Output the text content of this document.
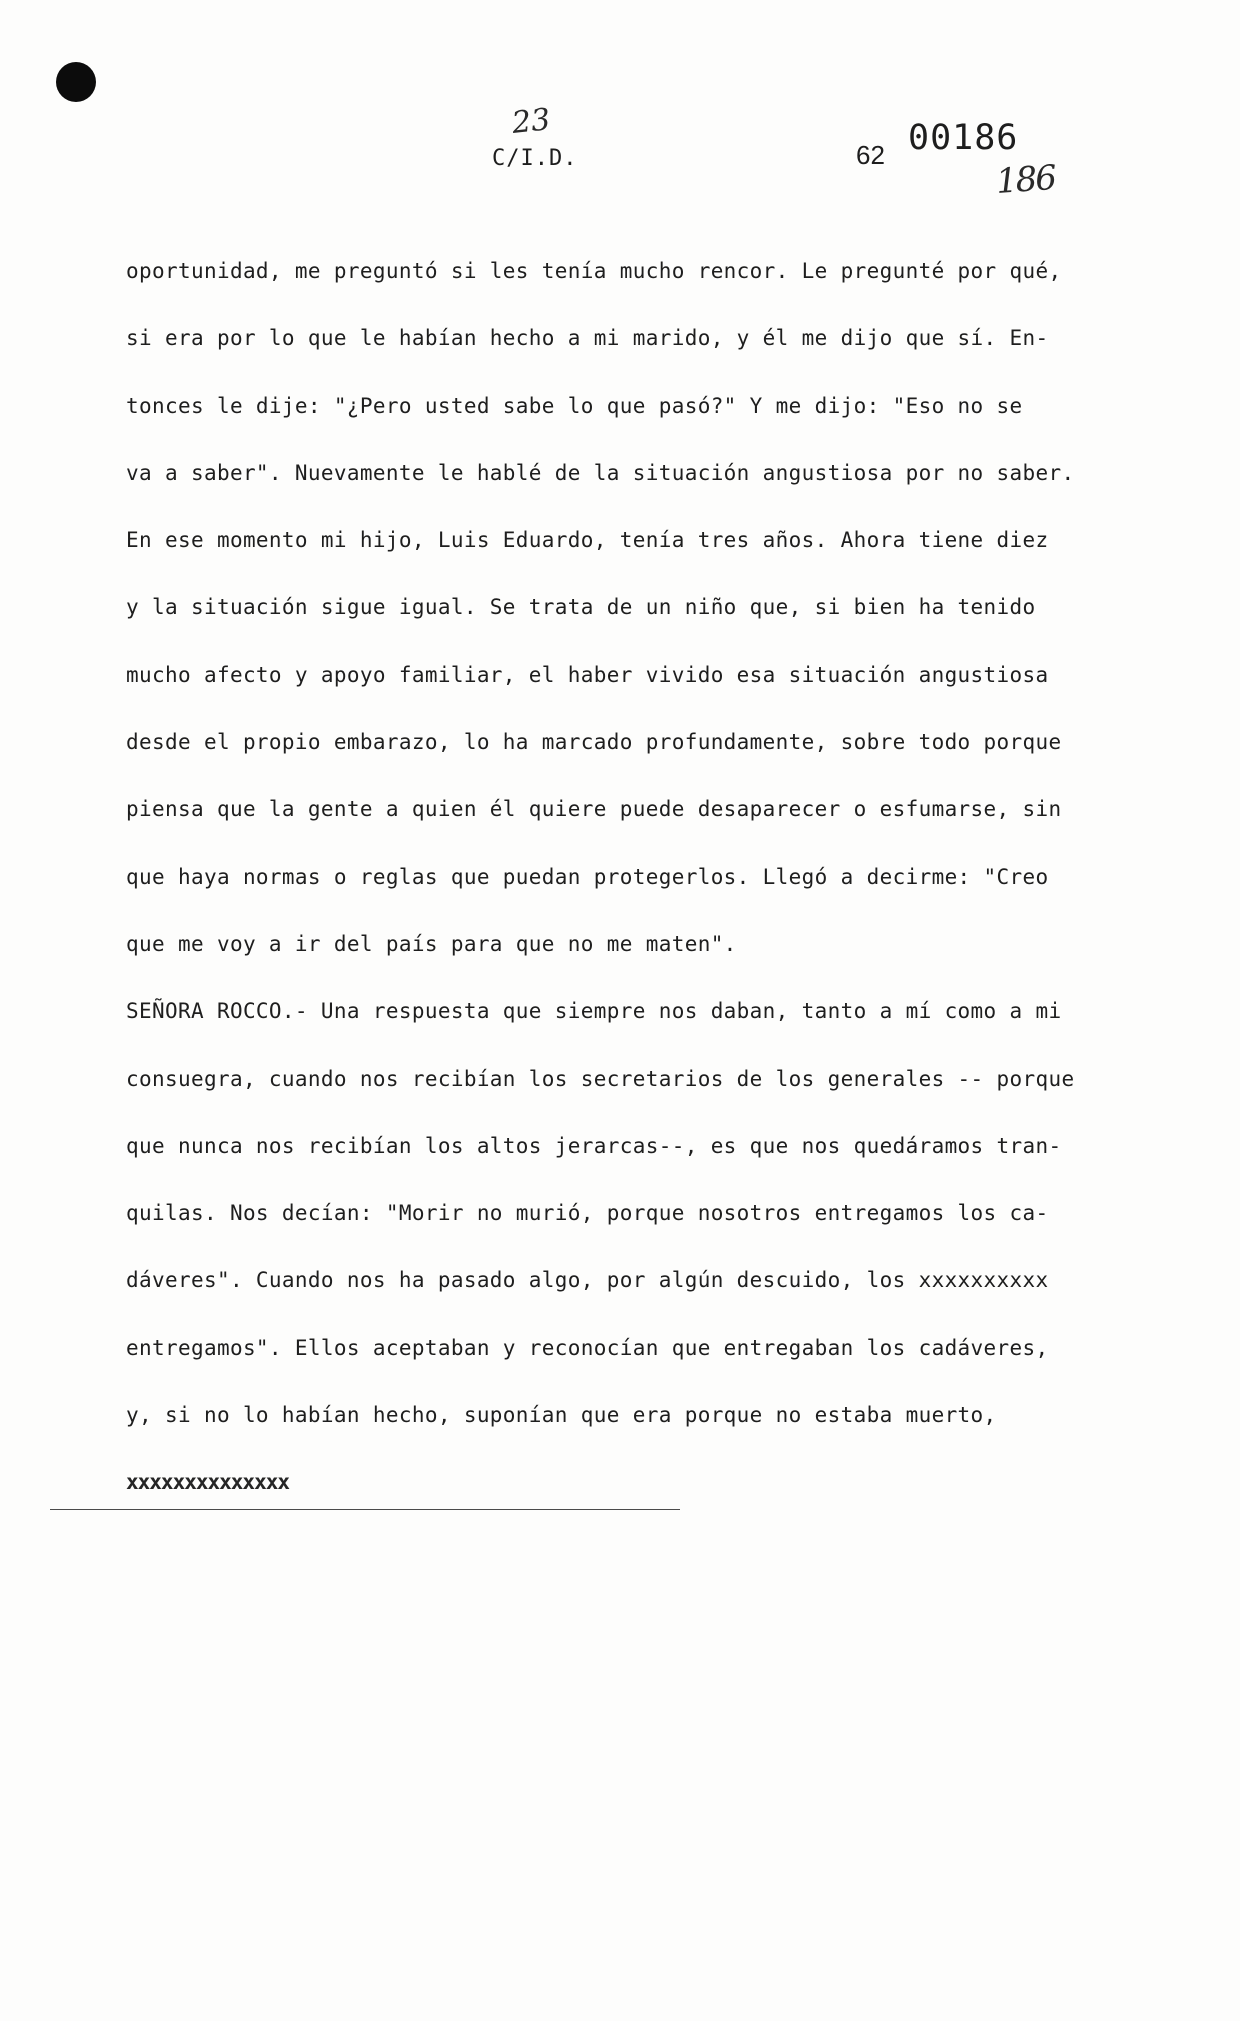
23
C/I.D.	62 00186
186
oportunidad, me preguntó si les tenía mucho rencor. Le pregunté por qué,
si era por lo que le habían hecho a mi marido, y él me dijo que sí. En-
tonces le dije: "¿Pero usted sabe lo que pasó?" Y me dijo: "Eso no se
va a saber". Nuevamente le hablé de la situación angustiosa por no saber.
En ese momento mi hijo, Luis Eduardo, tenía tres años. Ahora tiene diez
y la situación sigue igual. Se trata de un niño que, si bien ha tenido
mucho afecto y apoyo familiar, el haber vivido esa situación angustiosa
desde el propio embarazo, lo ha marcado profundamente, sobre todo porque
piensa que la gente a quien él quiere puede desaparecer o esfumarse, sin
que haya normas o reglas que puedan protegerlos. Llegó a decirme: "Creo
que me voy a ir del país para que no me maten".
SEÑORA ROCCO.- Una respuesta que siempre nos daban, tanto a mí como a mi
consuegra, cuando nos recibían los secretarios de los generales -- porque
que nunca nos recibían los altos jerarcas--, es que nos quedáramos tran-
quilas. Nos decían: "Morir no murió, porque nosotros entregamos los ca-
dáveres". Cuando nos ha pasado algo, por algún descuido, los xxxxxxxxxx
entregamos". Ellos aceptaban y reconocían que entregaban los cadáveres,
y, si no lo habían hecho, suponían que era porque no estaba muerto,
xxxxxxxxxxxxxx
